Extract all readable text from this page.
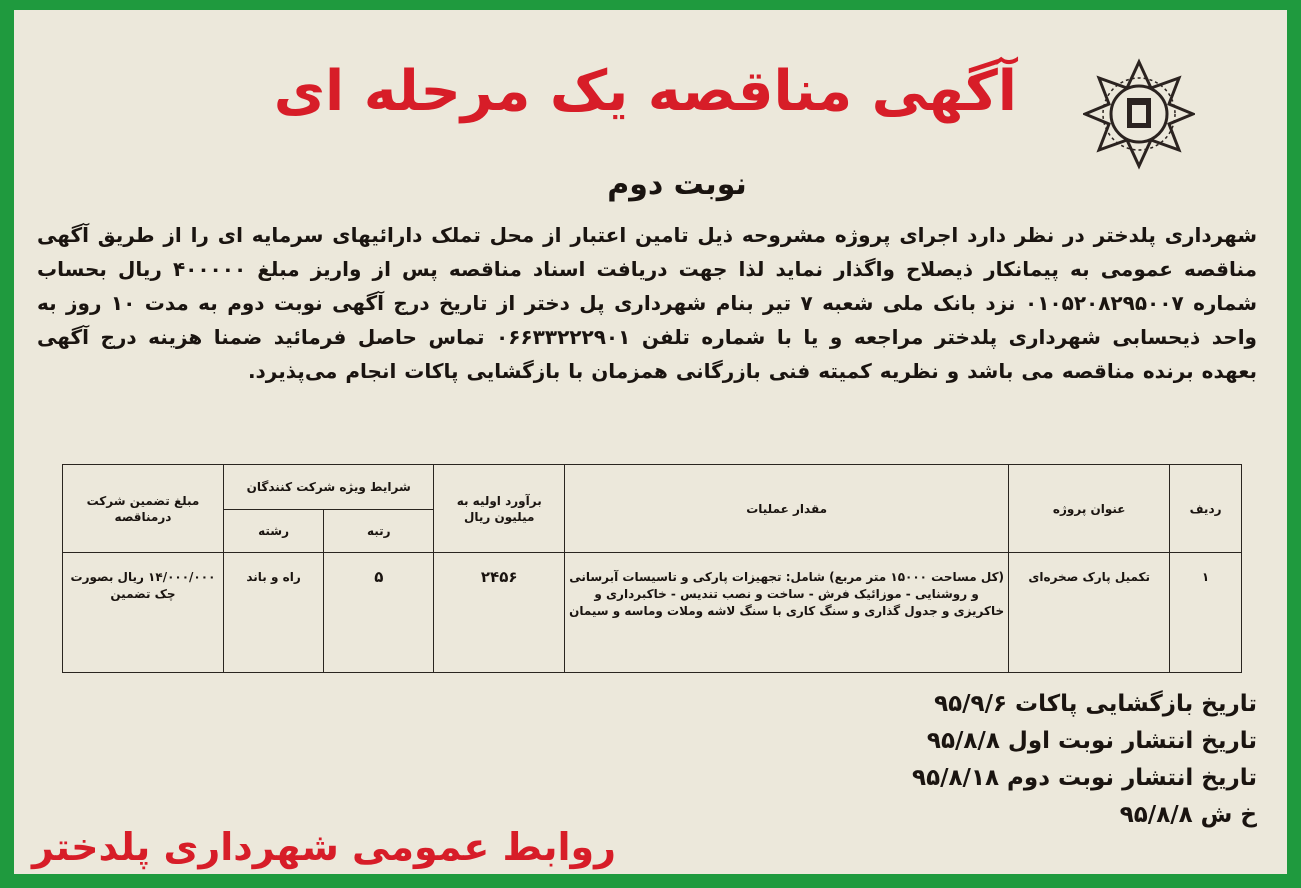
آگهی مناقصه یک مرحله ای
نوبت دوم
شهرداری پلدختر در نظر دارد اجرای پروژه مشروحه ذیل تامین اعتبار از محل تملک دارائیهای سرمایه ای را از طریق آگهی مناقصه عمومی به پیمانکار ذیصلاح واگذار نماید لذا جهت دریافت اسناد مناقصه پس از واریز مبلغ ۴۰۰۰۰۰ ریال بحساب شماره ۰۱۰۵۲۰۸۲۹۵۰۰۷ نزد بانک ملی شعبه ۷ تیر بنام شهرداری پل دختر از تاریخ درج آگهی نوبت دوم به مدت ۱۰ روز به واحد ذیحسابی شهرداری پلدختر مراجعه و یا با شماره تلفن ۰۶۶۳۳۲۲۲۹۰۱ تماس حاصل فرمائید ضمنا هزینه درج آگهی بعهده برنده مناقصه می باشد و نظریه کمیته فنی بازرگانی همزمان با بازگشایی پاکات انجام می‌پذیرد.
ردیف	عنوان پروژه	مقدار عملیات	برآورد اولیه به میلیون ریال	شرایط ویژه شرکت کنندگان		مبلغ تضمین شرکت درمناقصه
				رتبه	رشته	
۱	تکمیل پارک صخره‌ای	(کل مساحت ۱۵۰۰۰ متر مربع) شامل: تجهیزات پارکی و تاسیسات آبرسانی و روشنایی - موزائیک فرش - ساخت و نصب تندیس - خاکبرداری و خاکریزی و جدول گذاری و سنگ کاری با سنگ لاشه وملات وماسه و سیمان	۲۴۵۶	۵	راه و باند	۱۴/۰۰۰/۰۰۰ ریال بصورت چک تضمین
تاریخ بازگشایی پاکات ۹۵/۹/۶
تاریخ انتشار نوبت اول ۹۵/۸/۸
تاریخ انتشار نوبت دوم ۹۵/۸/۱۸
خ ش ۹۵/۸/۸
روابط عمومی شهرداری پلدختر
